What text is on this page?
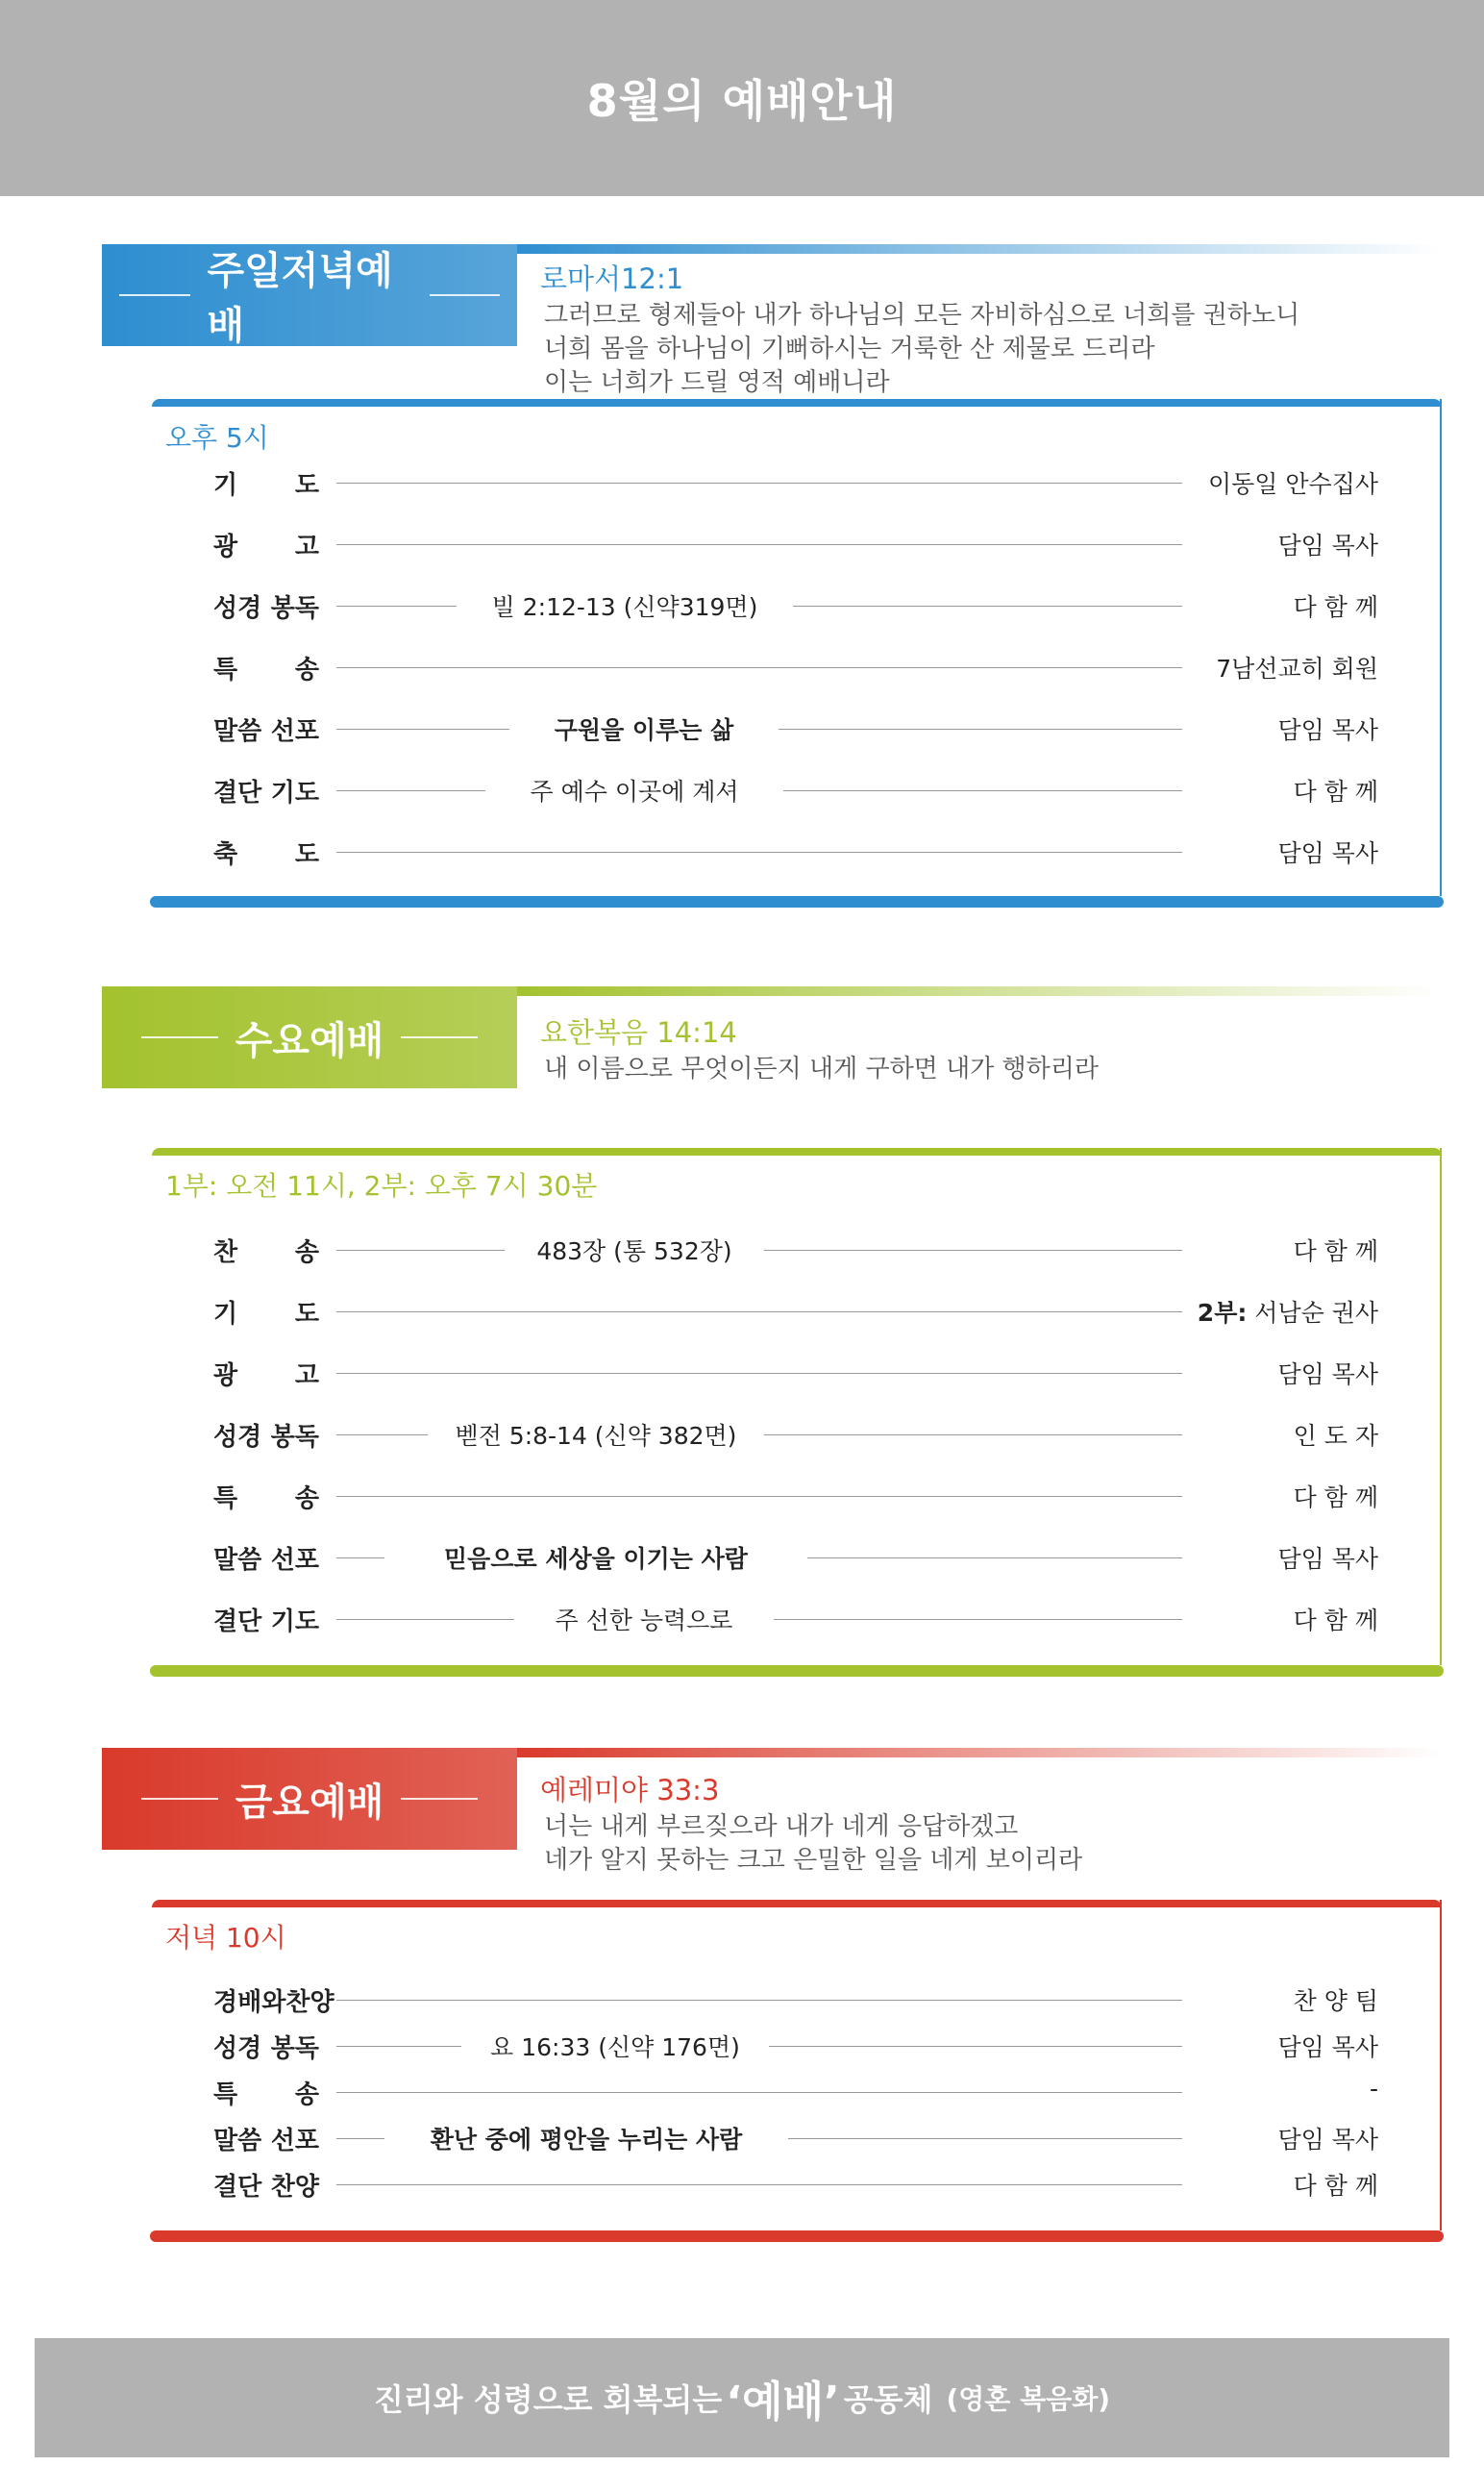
8월의 예배안내
주일저녁예배
로마서12:1
그러므로 형제들아 내가 하나님의 모든 자비하심으로 너희를 권하노니
너희 몸을 하나님이 기뻐하시는 거룩한 산 제물로 드리라
이는 너희가 드릴 영적 예배니라
오후 5시
기 도	이동일 안수집사
광 고	담임 목사
성경 봉독	빌 2:12-13 (신약319면)	다 함 께
특 송	7남선교히 회원
말씀 선포	구원을 이루는 삶	담임 목사
결단 기도	주 예수 이곳에 계셔	다 함 께
축 도	담임 목사
수요예배	요한복음 14:14
내 이름으로 무엇이든지 내게 구하면 내가 행하리라
1부: 오전 11시, 2부: 오후 7시 30분
찬 송	483장 (통 532장)	다 함 께
기 도	2부: 서남순 권사
광 고	담임 목사
성경 봉독	벧전 5:8-14 (신약 382면)	인 도 자
특 송	다 함 께
말씀 선포	믿음으로 세상을 이기는 사람	담임 목사
결단 기도	주 선한 능력으로	다 함 께
금요예배	예레미야 33:3
너는 내게 부르짖으라 내가 네게 응답하겠고
네가 알지 못하는 크고 은밀한 일을 네게 보이리라
저녁 10시
경배와찬양	찬 양 팀
성경 봉독	요 16:33 (신약 176면)	담임 목사
특 송	-
말씀 선포	환난 중에 평안을 누리는 사람	담임 목사
결단 찬양	다 함 께
진리와 성령으로 회복되는 ‘예배’ 공동체 (영혼 복음화)
